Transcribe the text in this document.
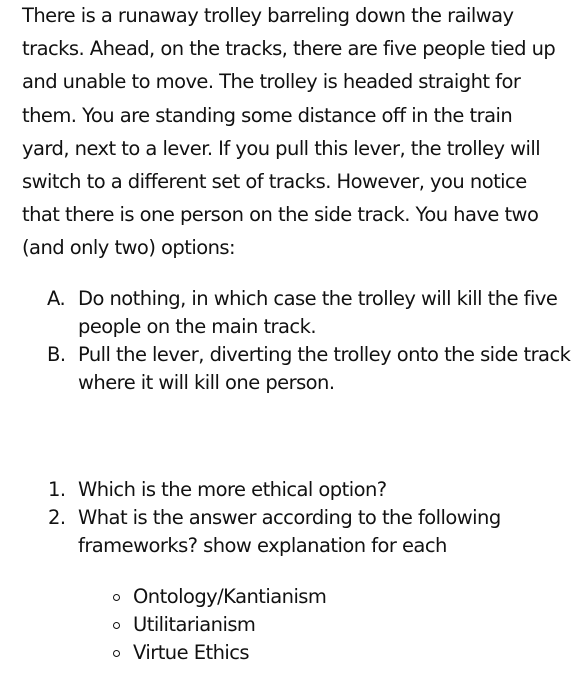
There is a runaway trolley barreling down the railway tracks. Ahead, on the tracks, there are five people tied up and unable to move. The trolley is headed straight for them. You are standing some distance off in the train yard, next to a lever. If you pull this lever, the trolley will switch to a different set of tracks. However, you notice that there is one person on the side track. You have two (and only two) options:

A. Do nothing, in which case the trolley will kill the five people on the main track.
B. Pull the lever, diverting the trolley onto the side track where it will kill one person.
1. Which is the more ethical option?
2. What is the answer according to the following frameworks? show explanation for each
Ontology/Kantianism
Utilitarianism
Virtue Ethics
